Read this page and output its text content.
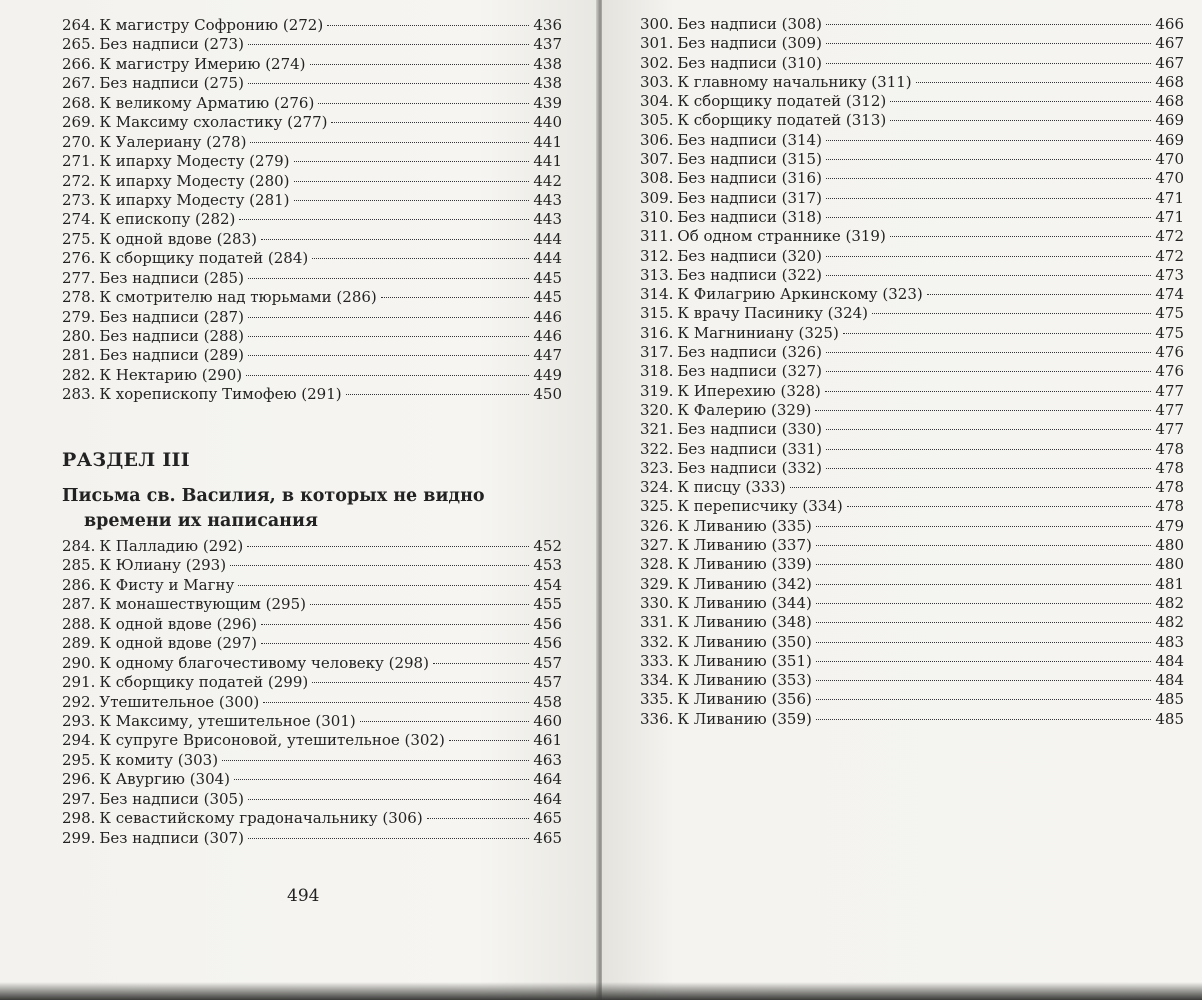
264. К магистру Софронию (272)	436
265. Без надписи (273)	437
266. К магистру Имерию (274)	438
267. Без надписи (275)	438
268. К великому Арматию (276)	439
269. К Максиму схоластику (277)	440
270. К Уалериану (278)	441
271. К ипарху Модесту (279)	441
272. К ипарху Модесту (280)	442
273. К ипарху Модесту (281)	443
274. К епископу (282)	443
275. К одной вдове (283)	444
276. К сборщику податей (284)	444
277. Без надписи (285)	445
278. К смотрителю над тюрьмами (286)	445
279. Без надписи (287)	446
280. Без надписи (288)	446
281. Без надписи (289)	447
282. К Нектарию (290)	449
283. К хорепископу Тимофею (291)	450
РАЗДЕЛ III
Письма св. Василия, в которых не видно
времени их написания
284. К Палладию (292)	452
285. К Юлиану (293)	453
286. К Фисту и Магну	454
287. К монашествующим (295)	455
288. К одной вдове (296)	456
289. К одной вдове (297)	456
290. К одному благочестивому человеку (298)	457
291. К сборщику податей (299)	457
292. Утешительное (300)	458
293. К Максиму, утешительное (301)	460
294. К супруге Врисоновой, утешительное (302)	461
295. К комиту (303)	463
296. К Авургию (304)	464
297. Без надписи (305)	464
298. К севастийскому градоначальнику (306)	465
299. Без надписи (307)	465
494
300. Без надписи (308)	466
301. Без надписи (309)	467
302. Без надписи (310)	467
303. К главному начальнику (311)	468
304. К сборщику податей (312)	468
305. К сборщику податей (313)	469
306. Без надписи (314)	469
307. Без надписи (315)	470
308. Без надписи (316)	470
309. Без надписи (317)	471
310. Без надписи (318)	471
311. Об одном страннике (319)	472
312. Без надписи (320)	472
313. Без надписи (322)	473
314. К Филагрию Аркинскому (323)	474
315. К врачу Пасинику (324)	475
316. К Магниниану (325)	475
317. Без надписи (326)	476
318. Без надписи (327)	476
319. К Иперехию (328)	477
320. К Фалерию (329)	477
321. Без надписи (330)	477
322. Без надписи (331)	478
323. Без надписи (332)	478
324. К писцу (333)	478
325. К переписчику (334)	478
326. К Ливанию (335)	479
327. К Ливанию (337)	480
328. К Ливанию (339)	480
329. К Ливанию (342)	481
330. К Ливанию (344)	482
331. К Ливанию (348)	482
332. К Ливанию (350)	483
333. К Ливанию (351)	484
334. К Ливанию (353)	484
335. К Ливанию (356)	485
336. К Ливанию (359)	485
